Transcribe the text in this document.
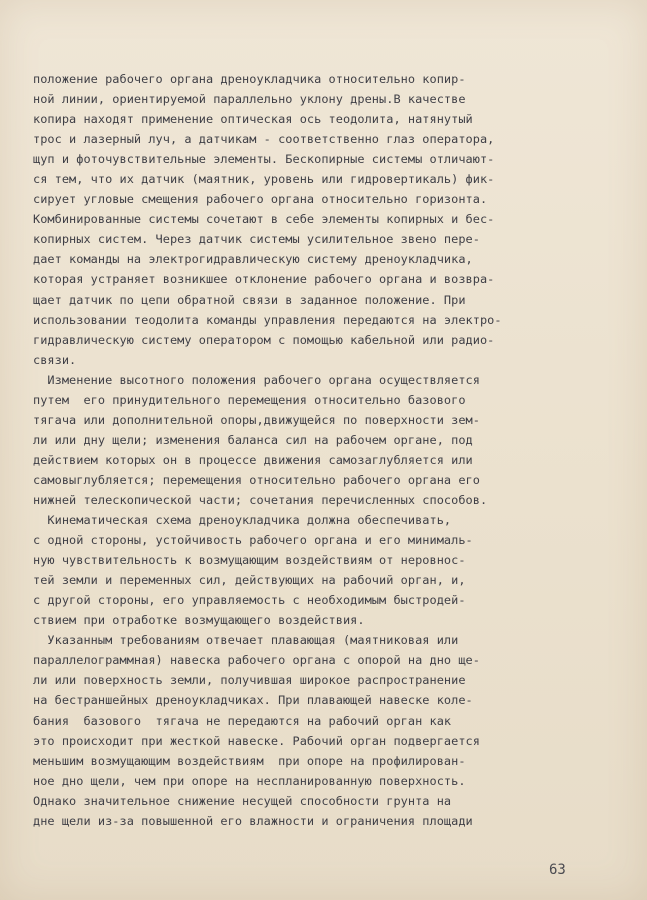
положение рабочего органа дреноукладчика относительно копир-
ной линии, ориентируемой параллельно уклону дрены.В качестве
копира находят применение оптическая ось теодолита, натянутый
трос и лазерный луч, а датчикам - соответственно глаз оператора,
щуп и фоточувствительные элементы. Бескопирные системы отличают-
ся тем, что их датчик (маятник, уровень или гидровертикаль) фик-
сирует угловые смещения рабочего органа относительно горизонта.
Комбинированные системы сочетают в себе элементы копирных и бес-
копирных систем. Через датчик системы усилительное звено пере-
дает команды на электрогидравлическую систему дреноукладчика,
которая устраняет возникшее отклонение рабочего органа и возвра-
щает датчик по цепи обратной связи в заданное положение. При
использовании теодолита команды управления передаются на электро-
гидравлическую систему оператором с помощью кабельной или радио-
связи.
Изменение высотного положения рабочего органа осуществляется
путем  его принудительного перемещения относительно базового
тягача или дополнительной опоры,движущейся по поверхности зем-
ли или дну щели; изменения баланса сил на рабочем органе, под
действием которых он в процессе движения самозаглубляется или
самовыглубляется; перемещения относительно рабочего органа его
нижней телескопической части; сочетания перечисленных способов.
Кинематическая схема дреноукладчика должна обеспечивать,
с одной стороны, устойчивость рабочего органа и его минималь-
ную чувствительность к возмущающим воздействиям от неровнос-
тей земли и переменных сил, действующих на рабочий орган, и,
с другой стороны, его управляемость с необходимым быстродей-
ствием при отработке возмущающего воздействия.
Указанным требованиям отвечает плавающая (маятниковая или
параллелограммная) навеска рабочего органа с опорой на дно ще-
ли или поверхность земли, получившая широкое распространение
на бестраншейных дреноукладчиках. При плавающей навеске коле-
бания  базового  тягача не передаются на рабочий орган как
это происходит при жесткой навеске. Рабочий орган подвергается
меньшим возмущающим воздействиям  при опоре на профилирован-
ное дно щели, чем при опоре на неспланированную поверхность.
Однако значительное снижение несущей способности грунта на
дне щели из-за повышенной его влажности и ограничения площади
63
